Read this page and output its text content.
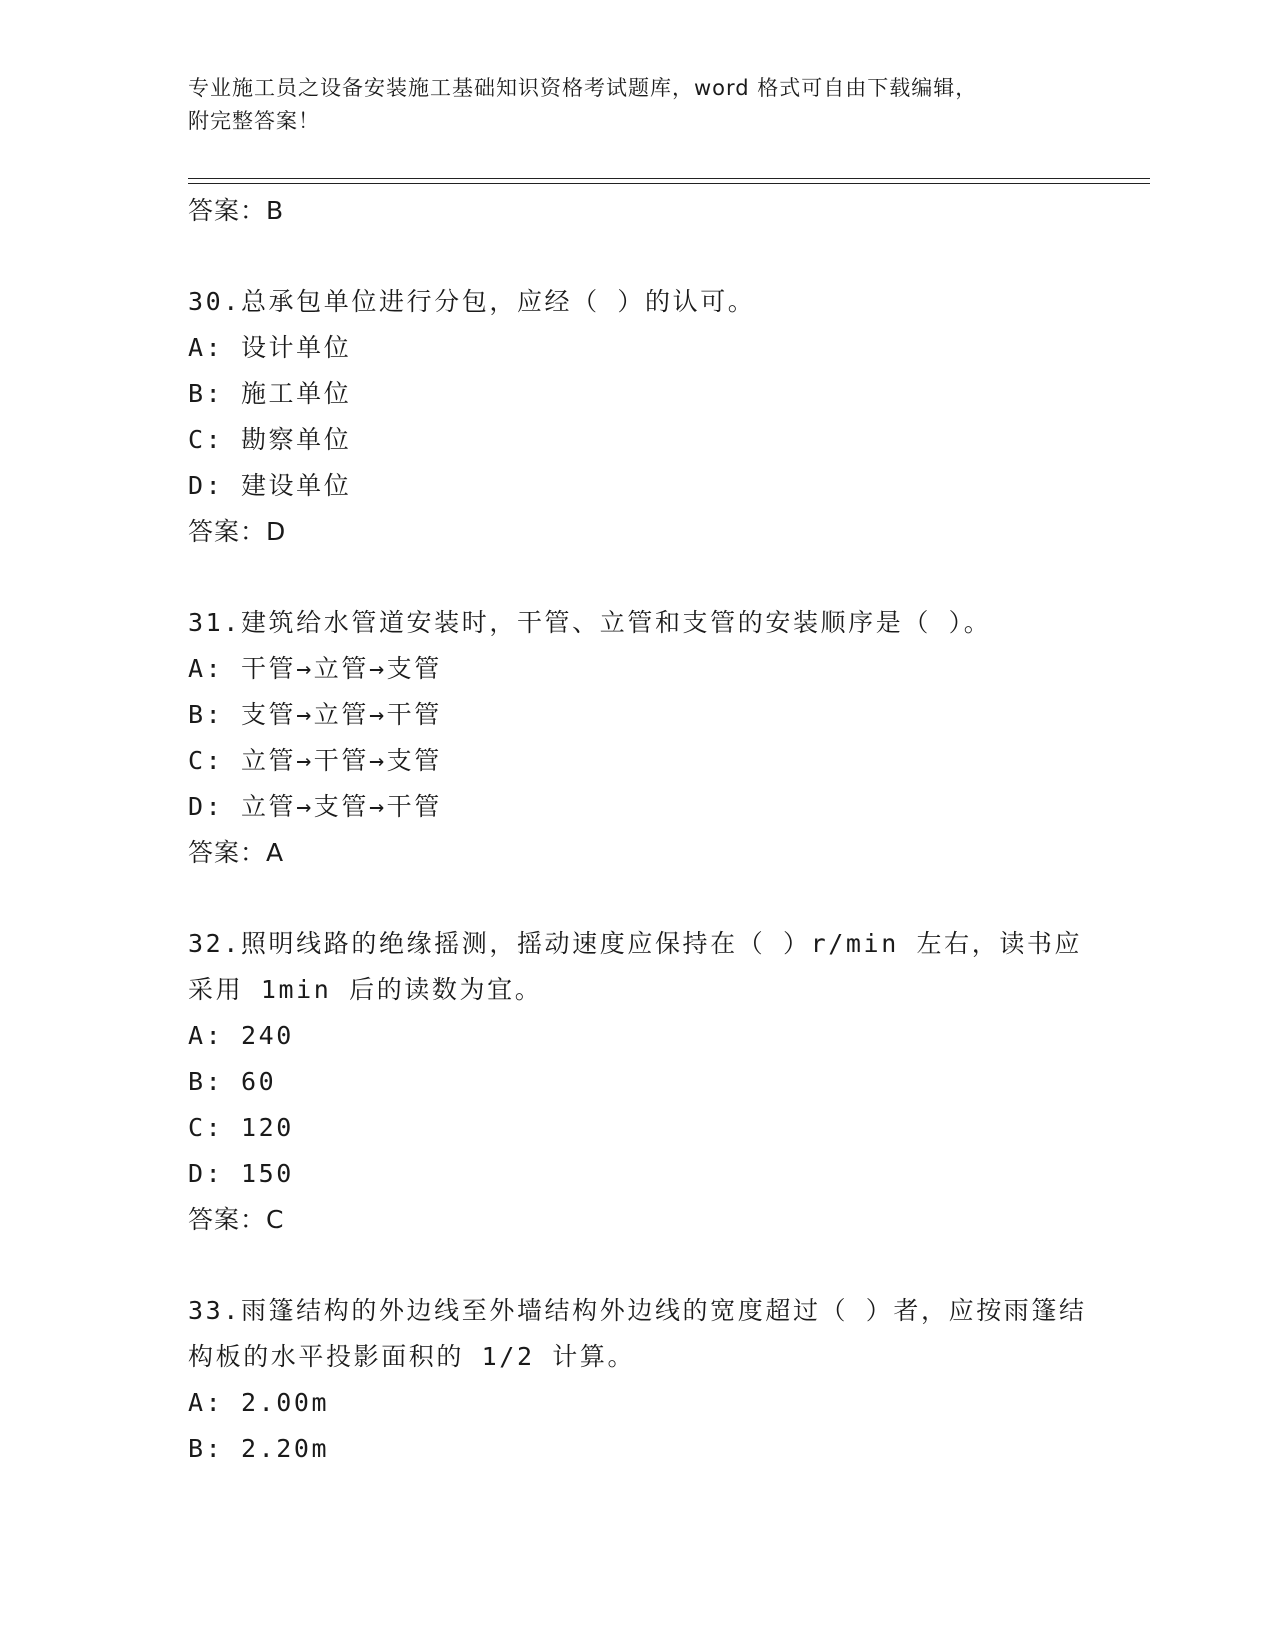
专业施工员之设备安装施工基础知识资格考试题库，word 格式可自由下载编辑，
附完整答案！
答案：B
30.总承包单位进行分包，应经（ ）的认可。
A: 设计单位
B: 施工单位
C: 勘察单位
D: 建设单位
答案：D
31.建筑给水管道安装时，干管、立管和支管的安装顺序是（ ）。
A: 干管→立管→支管
B: 支管→立管→干管
C: 立管→干管→支管
D: 立管→支管→干管
答案：A
32.照明线路的绝缘摇测，摇动速度应保持在（ ）r/min 左右，读书应采用 1min 后的读数为宜。
A: 240
B: 60
C: 120
D: 150
答案：C
33.雨篷结构的外边线至外墙结构外边线的宽度超过（ ）者，应按雨篷结构板的水平投影面积的 1/2 计算。
A: 2.00m
B: 2.20m
